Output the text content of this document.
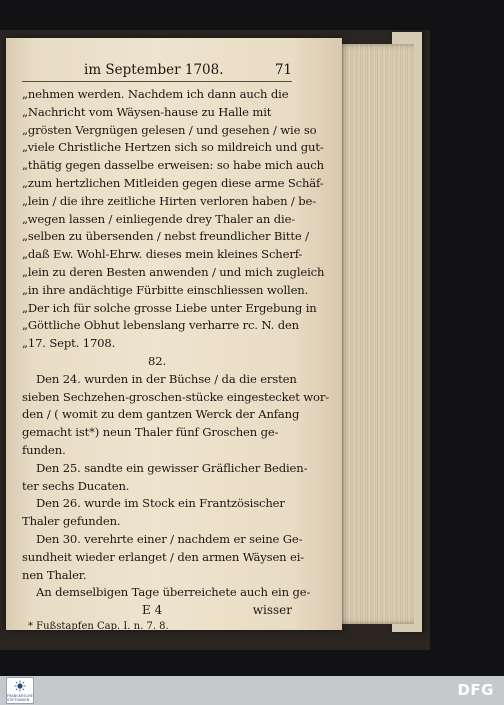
im September 1708.	71
„nehmen werden. Nachdem ich dann auch die
„Nachricht vom Wäysen-hause zu Halle mit
„grösten Vergnügen gelesen / und gesehen / wie so
„viele Christliche Hertzen sich so mildreich und gut-
„thätig gegen dasselbe erweisen: so habe mich auch
„zum hertzlichen Mitleiden gegen diese arme Schäf-
„lein / die ihre zeitliche Hirten verloren haben / be-
„wegen lassen / einliegende drey Thaler an die-
„selben zu übersenden / nebst freundlicher Bitte /
„daß Ew. Wohl-Ehrw. dieses mein kleines Scherf-
„lein zu deren Besten anwenden / und mich zugleich
„in ihre andächtige Fürbitte einschliessen wollen.
„Der ich für solche grosse Liebe unter Ergebung in
„Göttliche Obhut lebenslang verharre rc. N. den
„17. Sept. 1708.
82.
Den 24. wurden in der Büchse / da die ersten
sieben Sechzehen-groschen-stücke eingestecket wor-
den / ( womit zu dem gantzen Werck der Anfang
gemacht ist*) neun Thaler fünf Groschen ge-
funden.
Den 25. sandte ein gewisser Gräflicher Bedien-
ter sechs Ducaten.
Den 26. wurde im Stock ein Frantzösischer
Thaler gefunden.
Den 30. verehrte einer / nachdem er seine Ge-
sundheit wieder erlanget / den armen Wäysen ei-
nen Thaler.
An demselbigen Tage überreichete auch ein ge-
E 4	wisser
* Fußstapfen Cap. I. n. 7. 8.
FRANCKESCHE STIFTUNGEN
DFG
